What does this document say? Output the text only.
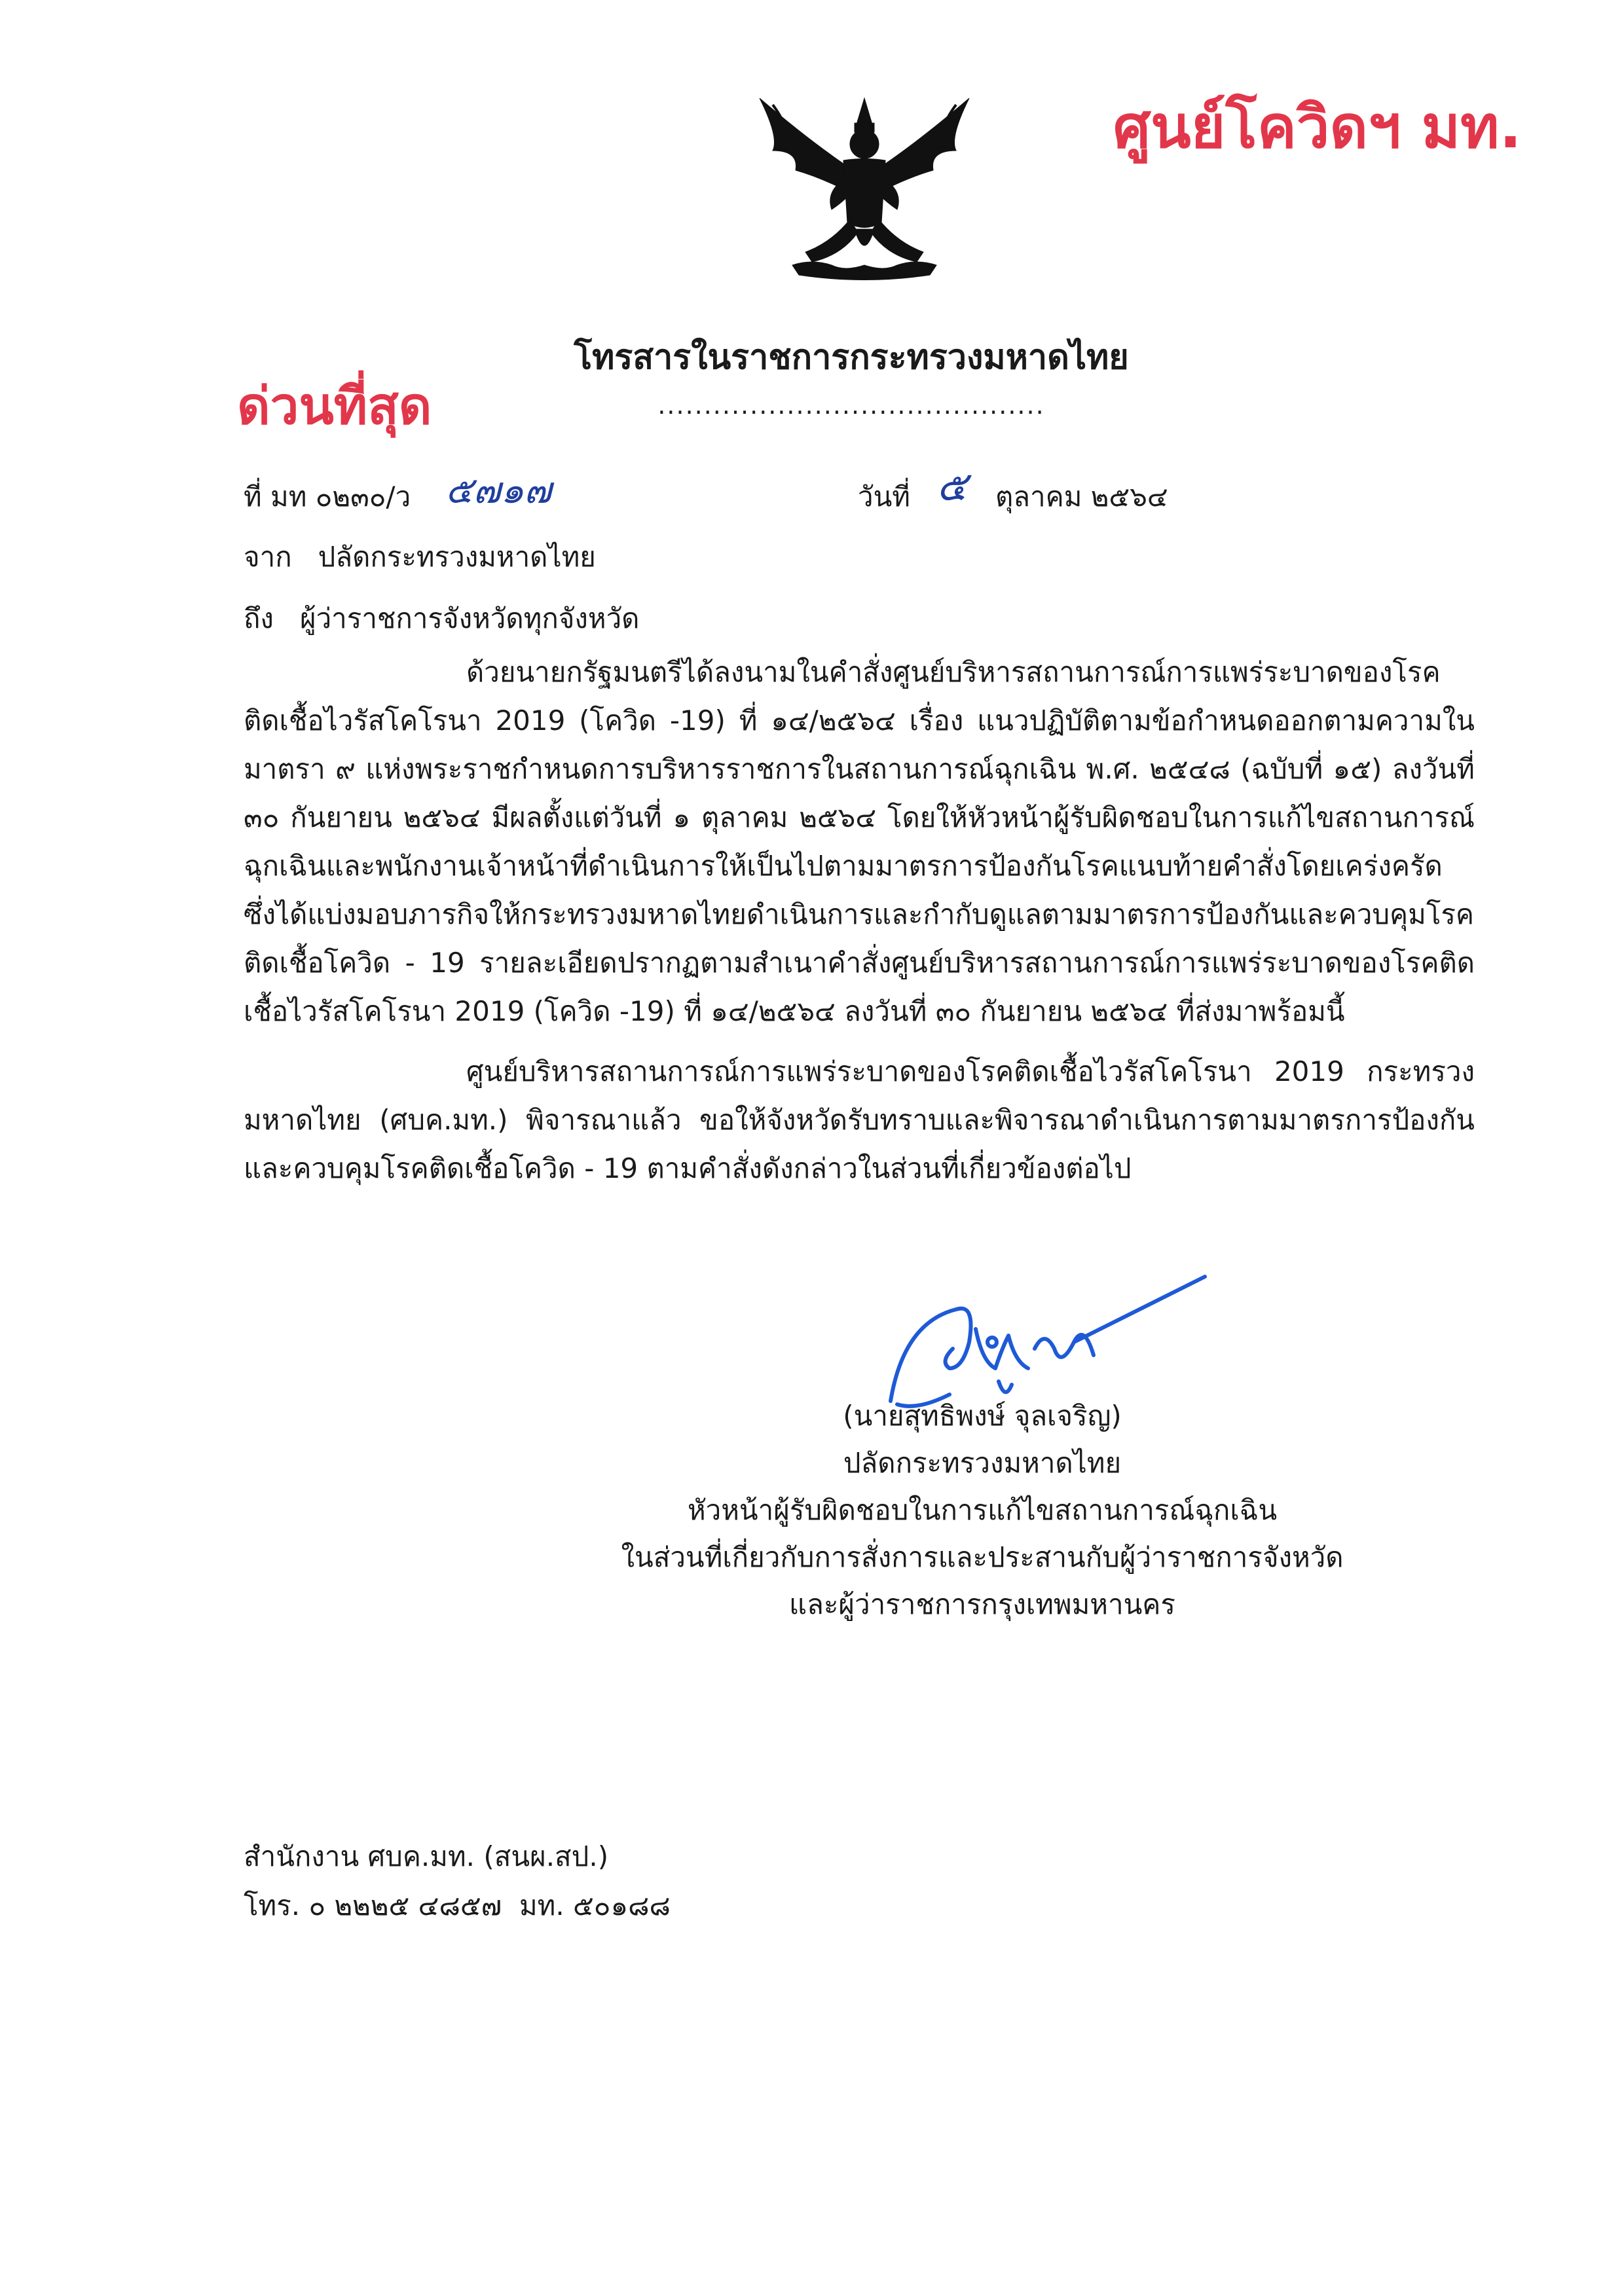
ศูนย์โควิดฯ มท.
โทรสารในราชการกระทรวงมหาดไทย
..........................................
ด่วนที่สุด
ที่ มท ๐๒๓๐/ว ๕๗๑๗	วันที่ ๕ ตุลาคม ๒๕๖๔
จาก   ปลัดกระทรวงมหาดไทย
ถึง   ผู้ว่าราชการจังหวัดทุกจังหวัด
ด้วยนายกรัฐมนตรีได้ลงนามในคำสั่งศูนย์บริหารสถานการณ์การแพร่ระบาดของโรคติดเชื้อไวรัสโคโรนา 2019 (โควิด -19) ที่ ๑๔/๒๕๖๔ เรื่อง แนวปฏิบัติตามข้อกำหนดออกตามความในมาตรา ๙ แห่งพระราชกำหนดการบริหารราชการในสถานการณ์ฉุกเฉิน พ.ศ. ๒๕๔๘ (ฉบับที่ ๑๕) ลงวันที่ ๓๐ กันยายน ๒๕๖๔ มีผลตั้งแต่วันที่ ๑ ตุลาคม ๒๕๖๔ โดยให้หัวหน้าผู้รับผิดชอบในการแก้ไขสถานการณ์ฉุกเฉินและพนักงานเจ้าหน้าที่ดำเนินการให้เป็นไปตามมาตรการป้องกันโรคแนบท้ายคำสั่งโดยเคร่งครัด ซึ่งได้แบ่งมอบภารกิจให้กระทรวงมหาดไทยดำเนินการและกำกับดูแลตามมาตรการป้องกันและควบคุมโรคติดเชื้อโควิด - 19 รายละเอียดปรากฏตามสำเนาคำสั่งศูนย์บริหารสถานการณ์การแพร่ระบาดของโรคติดเชื้อไวรัสโคโรนา 2019 (โควิด -19) ที่ ๑๔/๒๕๖๔ ลงวันที่ ๓๐ กันยายน ๒๕๖๔ ที่ส่งมาพร้อมนี้
ศูนย์บริหารสถานการณ์การแพร่ระบาดของโรคติดเชื้อไวรัสโคโรนา 2019 กระทรวงมหาดไทย (ศบค.มท.) พิจารณาแล้ว ขอให้จังหวัดรับทราบและพิจารณาดำเนินการตามมาตรการป้องกันและควบคุมโรคติดเชื้อโควิด - 19 ตามคำสั่งดังกล่าวในส่วนที่เกี่ยวข้องต่อไป
(นายสุทธิพงษ์ จุลเจริญ)
ปลัดกระทรวงมหาดไทย
หัวหน้าผู้รับผิดชอบในการแก้ไขสถานการณ์ฉุกเฉิน
ในส่วนที่เกี่ยวกับการสั่งการและประสานกับผู้ว่าราชการจังหวัด
และผู้ว่าราชการกรุงเทพมหานคร
สำนักงาน ศบค.มท. (สนผ.สป.)
โทร. ๐ ๒๒๒๕ ๔๘๕๗  มท. ๕๐๑๘๘
